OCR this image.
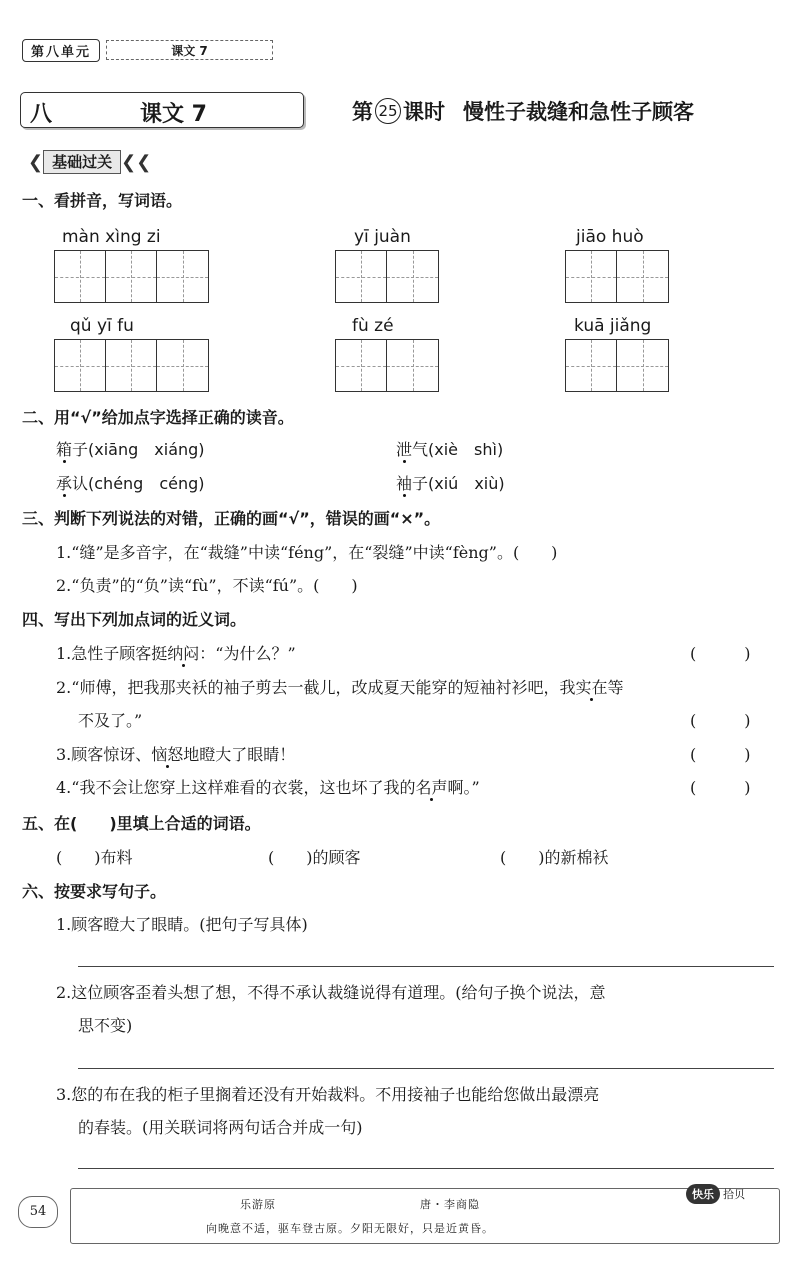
第八单元	课文 7
八	课文 7	第 25 课时 慢性子裁缝和急性子顾客
❮ 基础过关 ❮❮
一、看拼音，写词语。
màn xìng zi	yī juàn	jiāo huò
qǔ yī fu	fù zé	kuā jiǎng
二、用“√”给加点字选择正确的读音。
箱子(xiāng　xiáng)	泄气(xiè　shì)
承认(chéng　céng)	袖子(xiú　xiù)
三、判断下列说法的对错，正确的画“√”，错误的画“×”。
1.“缝”是多音字，在“裁缝”中读“féng”，在“裂缝”中读“fèng”。(　　)
2.“负责”的“负”读“fù”，不读“fú”。(　　)
四、写出下列加点词的近义词。
1.急性子顾客挺纳闷：“为什么？”	(　　　)
2.“师傅，把我那夹袄的袖子剪去一截儿，改成夏天能穿的短袖衬衫吧，我实在等
不及了。”	(　　　)
3.顾客惊讶、恼怒地瞪大了眼睛！	(　　　)
4.“我不会让您穿上这样难看的衣裳，这也坏了我的名声啊。”	(　　　)
五、在(　　)里填上合适的词语。
(　　)布料	(　　)的顾客	(　　)的新棉袄
六、按要求写句子。
1.顾客瞪大了眼睛。(把句子写具体)
2.这位顾客歪着头想了想，不得不承认裁缝说得有道理。(给句子换个说法，意
思不变)
3.您的布在我的柜子里搁着还没有开始裁料。不用接袖子也能给您做出最漂亮
的春装。(用关联词将两句话合并成一句)
54	乐游原	唐・李商隐
向晚意不适，驱车登古原。夕阳无限好，只是近黄昏。
快乐 拾贝
